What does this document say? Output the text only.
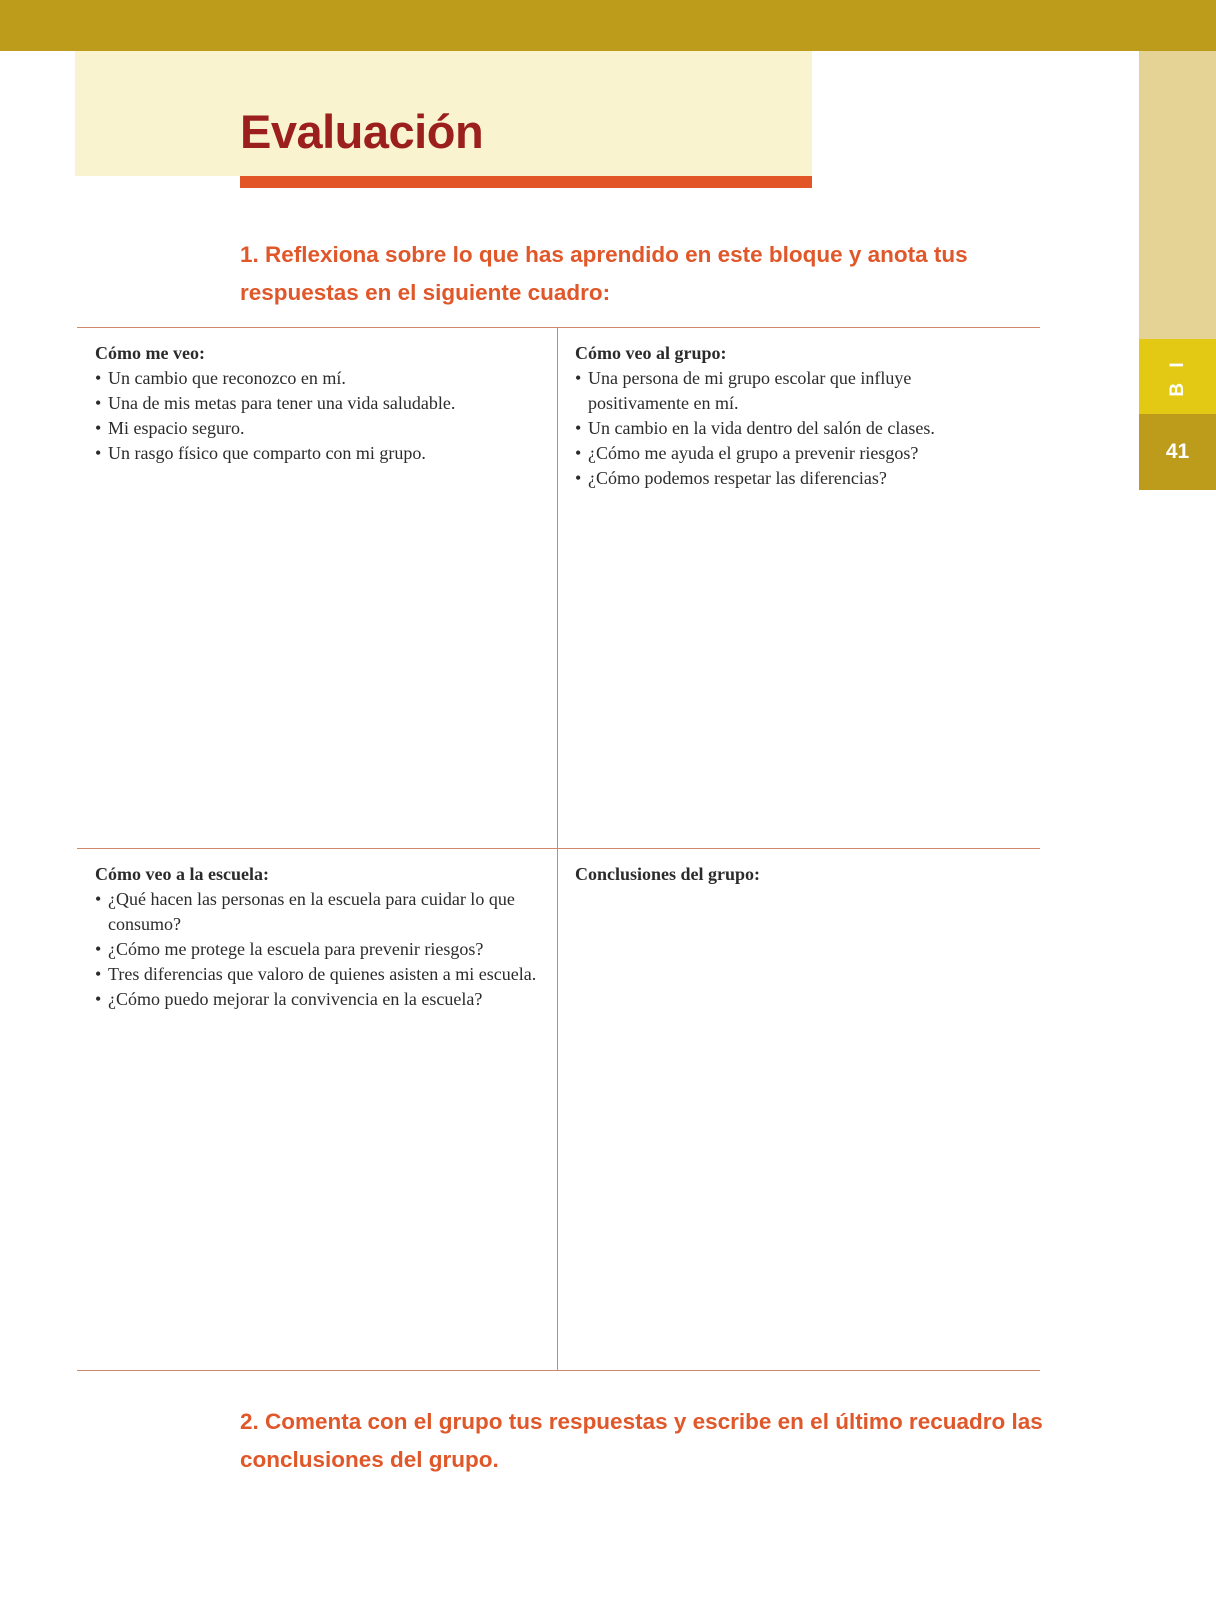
Evaluación
B I
41

1. Reflexiona sobre lo que has aprendido en este bloque y anota tus respuestas en el siguiente cuadro:

Cómo me veo:
• Un cambio que reconozco en mí.
• Una de mis metas para tener una vida saludable.
• Mi espacio seguro.
• Un rasgo físico que comparto con mi grupo.
Cómo veo al grupo:
• Una persona de mi grupo escolar que influye positivamente en mí.
• Un cambio en la vida dentro del salón de clases.
• ¿Cómo me ayuda el grupo a prevenir riesgos?
• ¿Cómo podemos respetar las diferencias?
Cómo veo a la escuela:
• ¿Qué hacen las personas en la escuela para cuidar lo que consumo?
• ¿Cómo me protege la escuela para prevenir riesgos?
• Tres diferencias que valoro de quienes asisten a mi escuela.
• ¿Cómo puedo mejorar la convivencia en la escuela?
Conclusiones del grupo:

2. Comenta con el grupo tus respuestas y escribe en el último recuadro las conclusiones del grupo.
